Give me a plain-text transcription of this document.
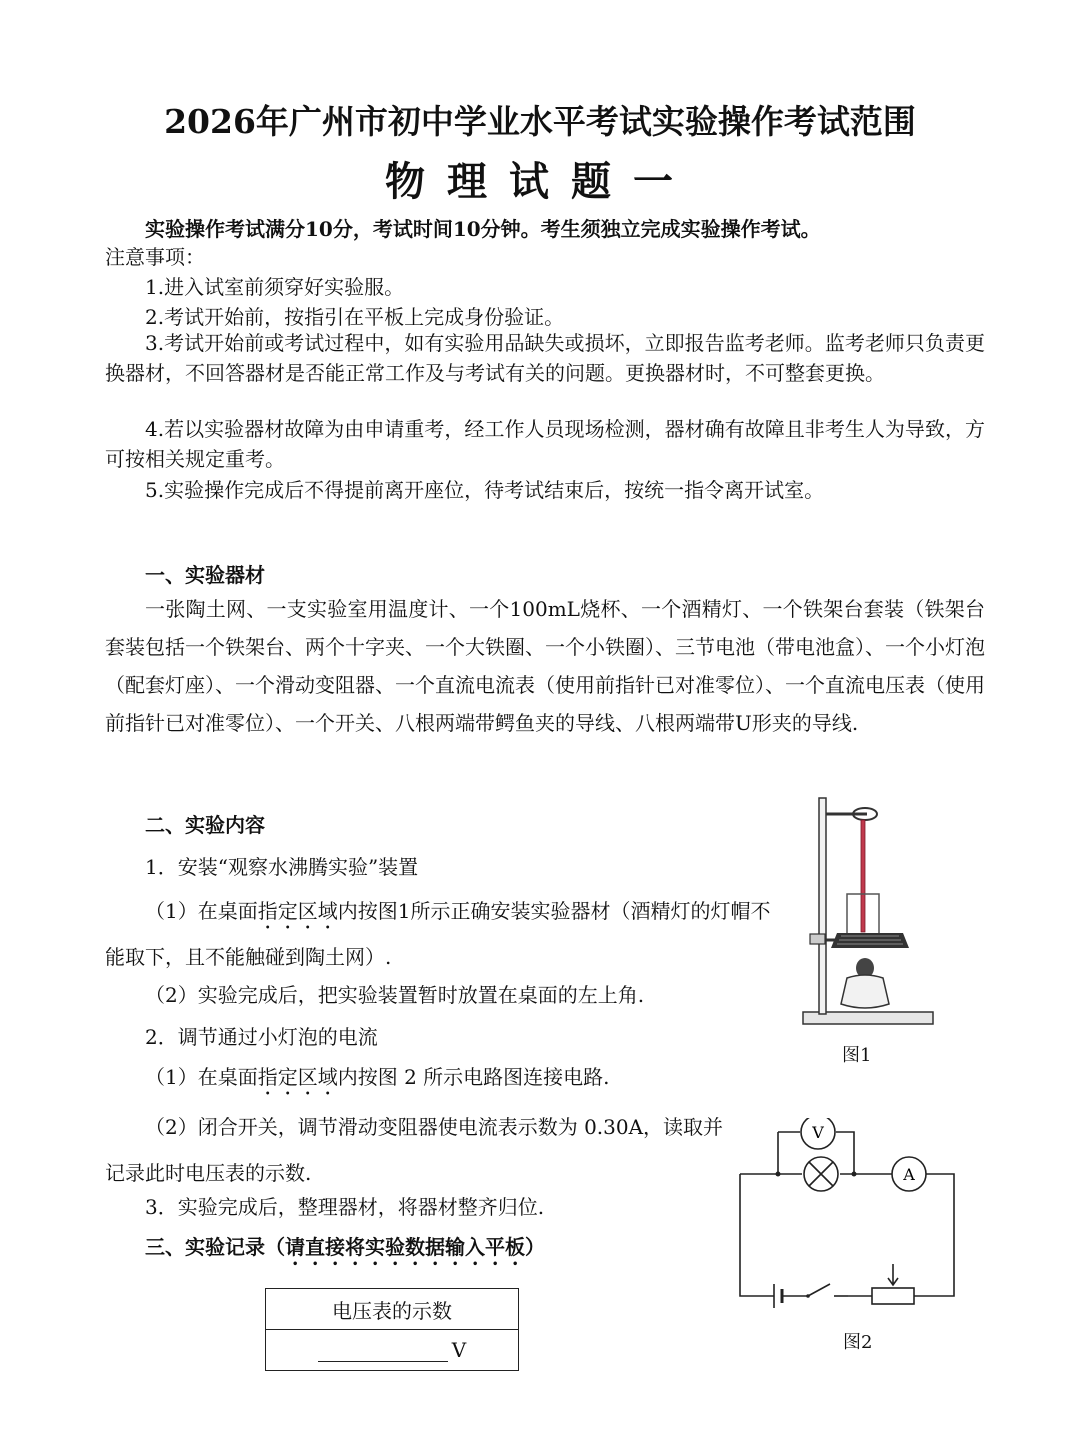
2026年广州市初中学业水平考试实验操作考试范围
物理试题一
实验操作考试满分10分，考试时间10分钟。考生须独立完成实验操作考试。
注意事项：
1.进入试室前须穿好实验服。
2.考试开始前，按指引在平板上完成身份验证。
3.考试开始前或考试过程中，如有实验用品缺失或损坏，立即报告监考老师。监考老师只负责更换器材，不回答器材是否能正常工作及与考试有关的问题。更换器材时，不可整套更换。
4.若以实验器材故障为由申请重考，经工作人员现场检测，器材确有故障且非考生人为导致，方可按相关规定重考。
5.实验操作完成后不得提前离开座位，待考试结束后，按统一指令离开试室。
一、实验器材
一张陶土网、一支实验室用温度计、一个100mL烧杯、一个酒精灯、一个铁架台套装（铁架台套装包括一个铁架台、两个十字夹、一个大铁圈、一个小铁圈）、三节电池（带电池盒）、一个小灯泡（配套灯座）、一个滑动变阻器、一个直流电流表（使用前指针已对准零位）、一个直流电压表（使用前指针已对准零位）、一个开关、八根两端带鳄鱼夹的导线、八根两端带U形夹的导线.
二、实验内容
1．安装“观察水沸腾实验”装置
（1）在桌面指定区域内按图1所示正确安装实验器材（酒精灯的灯帽不能取下，且不能触碰到陶土网）.
（2）实验完成后，把实验装置暂时放置在桌面的左上角.
2．调节通过小灯泡的电流
（1）在桌面指定区域内按图 2 所示电路图连接电路.
（2）闭合开关，调节滑动变阻器使电流表示数为 0.30A，读取并记录此时电压表的示数.
3．实验完成后，整理器材，将器材整齐归位.
三、实验记录（请直接将实验数据输入平板）
电压表的示数
V
图1
V
A
图2
